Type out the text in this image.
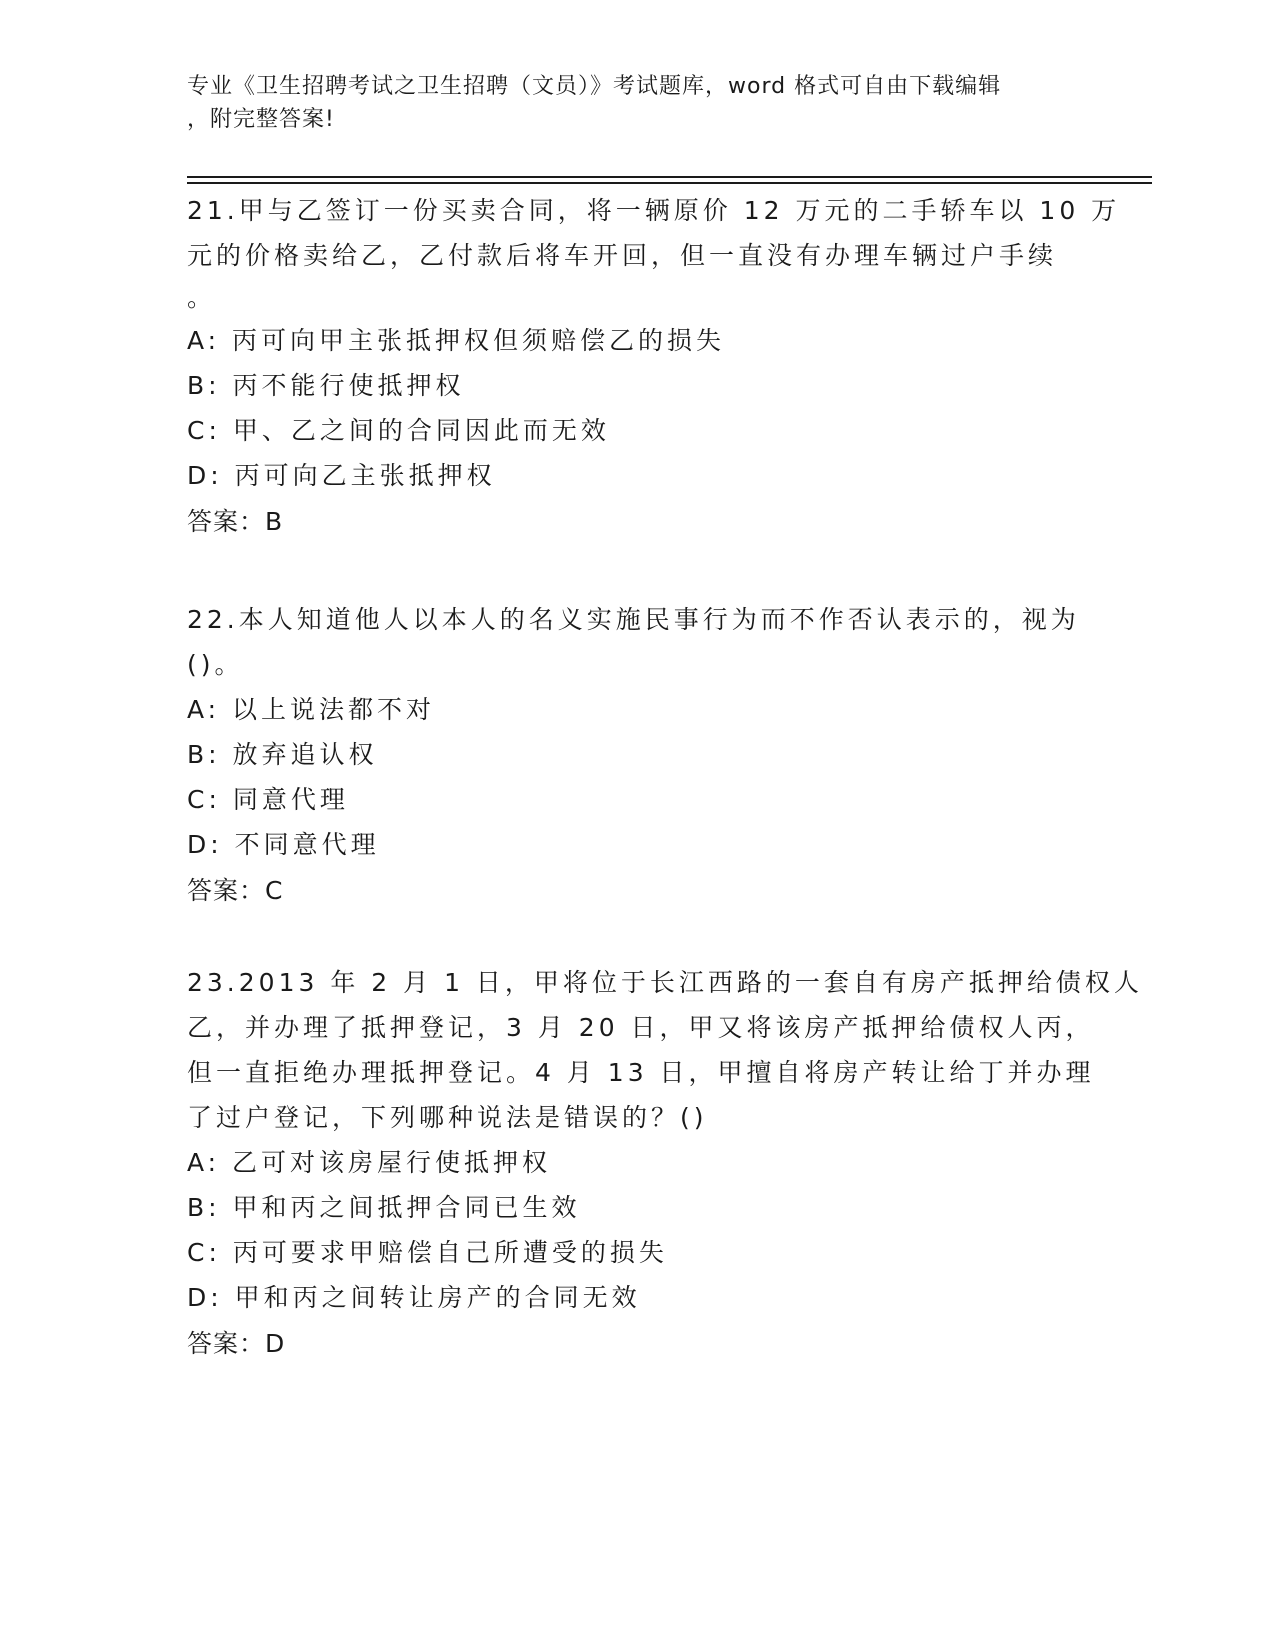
专业《卫生招聘考试之卫生招聘（文员）》考试题库，word 格式可自由下载编辑
，附完整答案!
21.甲与乙签订一份买卖合同，将一辆原价 12 万元的二手轿车以 10 万
元的价格卖给乙，乙付款后将车开回，但一直没有办理车辆过户手续
。
A: 丙可向甲主张抵押权但须赔偿乙的损失
B: 丙不能行使抵押权
C: 甲、乙之间的合同因此而无效
D: 丙可向乙主张抵押权
答案：B
22.本人知道他人以本人的名义实施民事行为而不作否认表示的，视为
()。
A: 以上说法都不对
B: 放弃追认权
C: 同意代理
D: 不同意代理
答案：C
23.2013 年 2 月 1 日，甲将位于长江西路的一套自有房产抵押给债权人
乙，并办理了抵押登记，3 月 20 日，甲又将该房产抵押给债权人丙，
但一直拒绝办理抵押登记。4 月 13 日，甲擅自将房产转让给丁并办理
了过户登记，下列哪种说法是错误的？()
A: 乙可对该房屋行使抵押权
B: 甲和丙之间抵押合同已生效
C: 丙可要求甲赔偿自己所遭受的损失
D: 甲和丙之间转让房产的合同无效
答案：D
